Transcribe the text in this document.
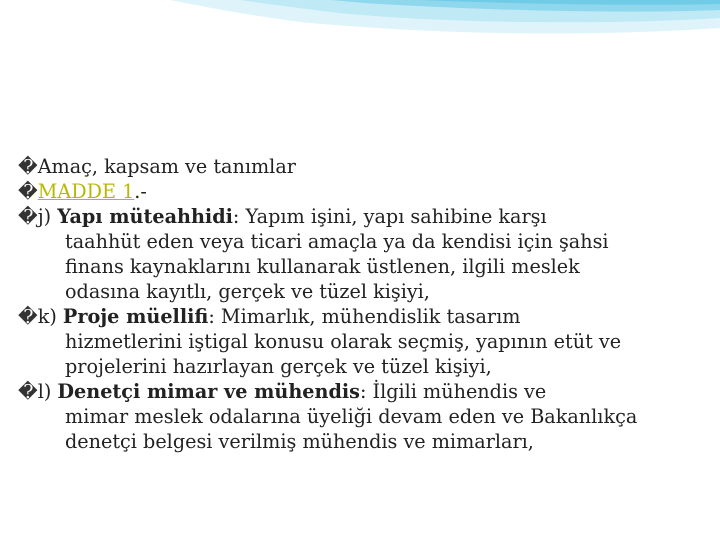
�Amaç, kapsam ve tanımlar
�MADDE 1.-
�j) Yapı müteahhidi: Yapım işini, yapı sahibine karşı
taahhüt eden veya ticari amaçla ya da kendisi için şahsi
finans kaynaklarını kullanarak üstlenen, ilgili meslek
odasına kayıtlı, gerçek ve tüzel kişiyi,
�k) Proje müellifi: Mimarlık, mühendislik tasarım
hizmetlerini iştigal konusu olarak seçmiş, yapının etüt ve
projelerini hazırlayan gerçek ve tüzel kişiyi,
�l) Denetçi mimar ve mühendis: İlgili mühendis ve
mimar meslek odalarına üyeliği devam eden ve Bakanlıkça
denetçi belgesi verilmiş mühendis ve mimarları,
